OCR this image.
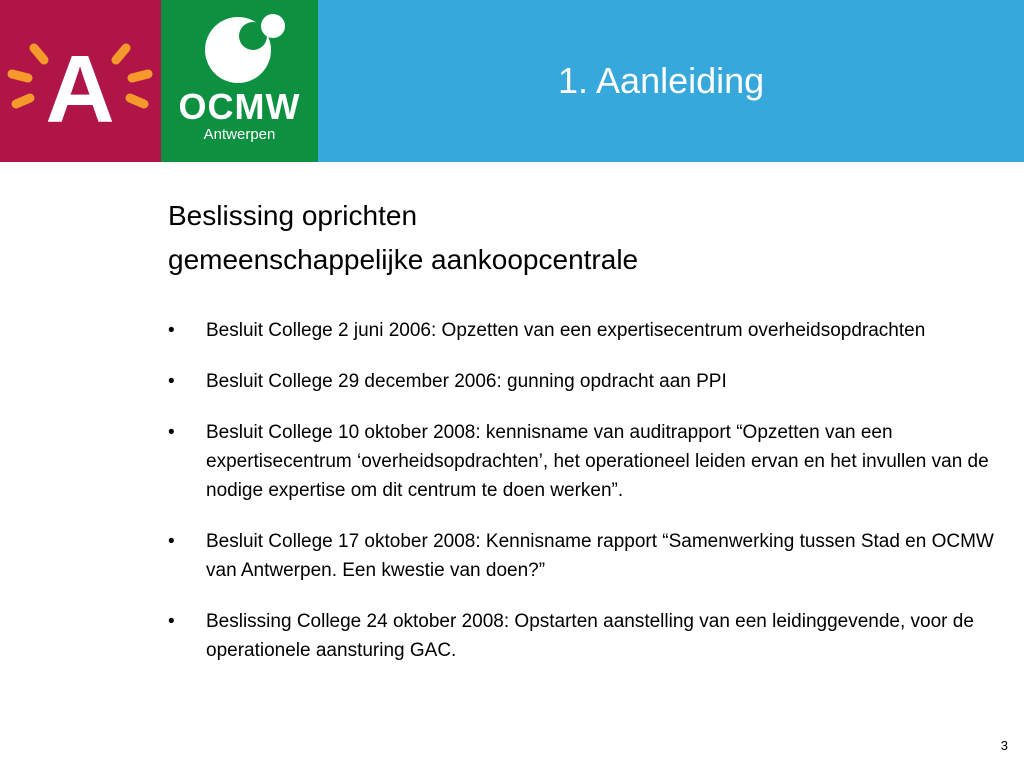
A	OCMW
Antwerpen
1. Aanleiding
Beslissing oprichten
gemeenschappelijke aankoopcentrale
• Besluit College 2 juni 2006: Opzetten van een expertisecentrum overheidsopdrachten
• Besluit College 29 december 2006: gunning opdracht aan PPI
• Besluit College 10 oktober 2008: kennisname van auditrapport “Opzetten van een expertisecentrum ‘overheidsopdrachten’, het operationeel leiden ervan en het invullen van de nodige expertise om dit centrum te doen werken”.
• Besluit College 17 oktober 2008: Kennisname rapport “Samenwerking tussen Stad en OCMW van Antwerpen. Een kwestie van doen?”
• Beslissing College 24 oktober 2008: Opstarten aanstelling van een leidinggevende, voor de operationele aansturing GAC.
3
